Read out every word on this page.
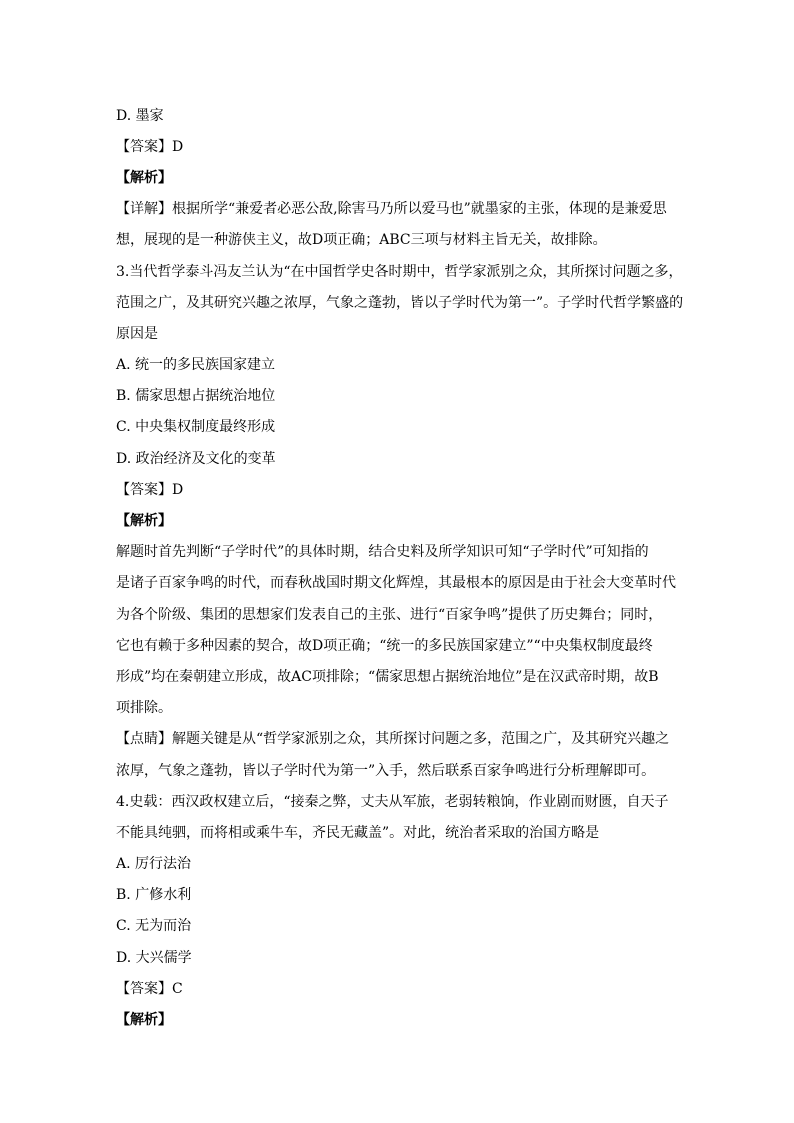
D. 墨家

【答案】D

【解析】

【详解】根据所学“兼爱者必恶公敌,除害马乃所以爱马也”就墨家的主张，体现的是兼爱思

想，展现的是一种游侠主义，故D项正确；ABC三项与材料主旨无关，故排除。

3.当代哲学泰斗冯友兰认为“在中国哲学史各时期中，哲学家派别之众，其所探讨问题之多，

范围之广，及其研究兴趣之浓厚，气象之蓬勃，皆以子学时代为第一”。子学时代哲学繁盛的

原因是

A. 统一的多民族国家建立

B. 儒家思想占据统治地位

C. 中央集权制度最终形成

D. 政治经济及文化的变革

【答案】D

【解析】

解题时首先判断“子学时代”的具体时期，结合史料及所学知识可知“子学时代”可知指的

是诸子百家争鸣的时代，而春秋战国时期文化辉煌，其最根本的原因是由于社会大变革时代

为各个阶级、集团的思想家们发表自己的主张、进行“百家争鸣”提供了历史舞台；同时，

它也有赖于多种因素的契合，故D项正确；“统一的多民族国家建立”“中央集权制度最终

形成”均在秦朝建立形成，故AC项排除；“儒家思想占据统治地位”是在汉武帝时期，故B

项排除。

【点睛】解题关键是从“哲学家派别之众，其所探讨问题之多，范围之广，及其研究兴趣之

浓厚，气象之蓬勃，皆以子学时代为第一”入手，然后联系百家争鸣进行分析理解即可。

4.史载：西汉政权建立后，“接秦之弊，丈夫从军旅，老弱转粮饷，作业剧而财匮，自天子

不能具纯驷，而将相或乘牛车，齐民无藏盖”。对此，统治者采取的治国方略是

A. 厉行法治

B. 广修水利

C. 无为而治

D. 大兴儒学

【答案】C

【解析】
